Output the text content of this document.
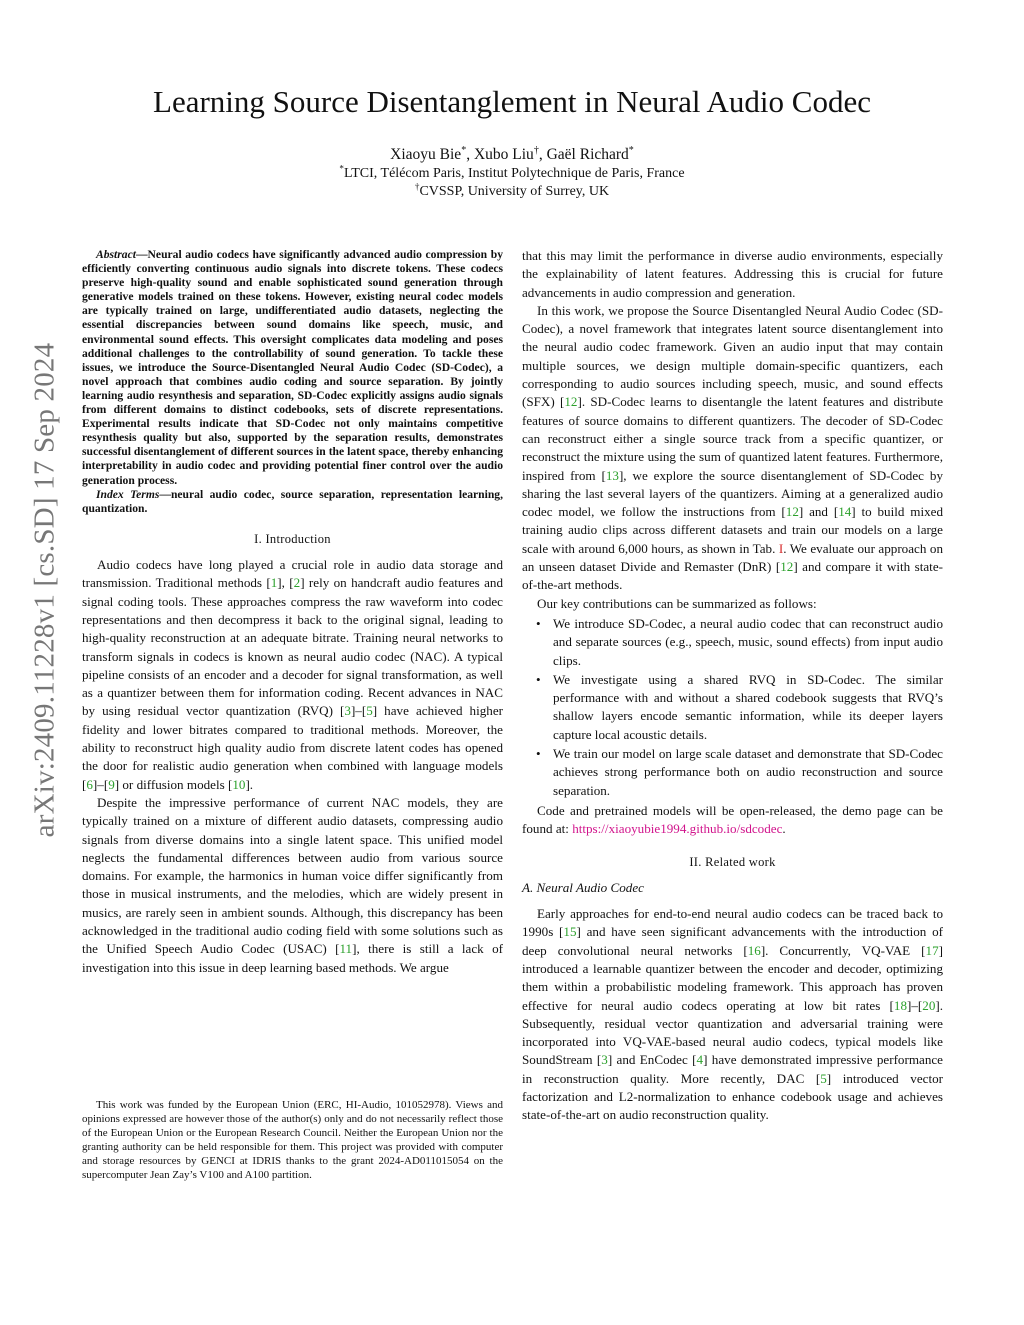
Learning Source Disentanglement in Neural Audio Codec
Xiaoyu Bie*, Xubo Liu†, Gaël Richard*
*LTCI, Télécom Paris, Institut Polytechnique de Paris, France
†CVSSP, University of Surrey, UK
arXiv:2409.11228v1 [cs.SD] 17 Sep 2024

Abstract—Neural audio codecs have significantly advanced audio compression by efficiently converting continuous audio signals into discrete tokens. These codecs preserve high-quality sound and enable sophisticated sound generation through generative models trained on these tokens. However, existing neural codec models are typically trained on large, undifferentiated audio datasets, neglecting the essential discrepancies between sound domains like speech, music, and environmental sound effects. This oversight complicates data modeling and poses additional challenges to the controllability of sound generation. To tackle these issues, we introduce the Source-Disentangled Neural Audio Codec (SD-Codec), a novel approach that combines audio coding and source separation. By jointly learning audio resynthesis and separation, SD-Codec explicitly assigns audio signals from different domains to distinct codebooks, sets of discrete representations. Experimental results indicate that SD-Codec not only maintains competitive resynthesis quality but also, supported by the separation results, demonstrates successful disentanglement of different sources in the latent space, thereby enhancing interpretability in audio codec and providing potential finer control over the audio generation process.

Index Terms—neural audio codec, source separation, representation learning, quantization.

I. Introduction

Audio codecs have long played a crucial role in audio data storage and transmission. Traditional methods [1], [2] rely on handcraft audio features and signal coding tools. These approaches compress the raw waveform into codec representations and then decompress it back to the original signal, leading to high-quality reconstruction at an adequate bitrate. Training neural networks to transform signals in codecs is known as neural audio codec (NAC). A typical pipeline consists of an encoder and a decoder for signal transformation, as well as a quantizer between them for information coding. Recent advances in NAC by using residual vector quantization (RVQ) [3]–[5] have achieved higher fidelity and lower bitrates compared to traditional methods. Moreover, the ability to reconstruct high quality audio from discrete latent codes has opened the door for realistic audio generation when combined with language models [6]–[9] or diffusion models [10].

Despite the impressive performance of current NAC models, they are typically trained on a mixture of different audio datasets, compressing audio signals from diverse domains into a single latent space. This unified model neglects the fundamental differences between audio from various source domains. For example, the harmonics in human voice differ significantly from those in musical instruments, and the melodies, which are widely present in musics, are rarely seen in ambient sounds. Although, this discrepancy has been acknowledged in the traditional audio coding field with some solutions such as the Unified Speech Audio Codec (USAC) [11], there is still a lack of investigation into this issue in deep learning based methods. We argue

This work was funded by the European Union (ERC, HI-Audio, 101052978). Views and opinions expressed are however those of the author(s) only and do not necessarily reflect those of the European Union or the European Research Council. Neither the European Union nor the granting authority can be held responsible for them. This project was provided with computer and storage resources by GENCI at IDRIS thanks to the grant 2024-AD011015054 on the supercomputer Jean Zay’s V100 and A100 partition.

that this may limit the performance in diverse audio environments, especially the explainability of latent features. Addressing this is crucial for future advancements in audio compression and generation.

In this work, we propose the Source Disentangled Neural Audio Codec (SD-Codec), a novel framework that integrates latent source disentanglement into the neural audio codec framework. Given an audio input that may contain multiple sources, we design multiple domain-specific quantizers, each corresponding to audio sources including speech, music, and sound effects (SFX) [12]. SD-Codec learns to disentangle the latent features and distribute features of source domains to different quantizers. The decoder of SD-Codec can reconstruct either a single source track from a specific quantizer, or reconstruct the mixture using the sum of quantized latent features. Furthermore, inspired from [13], we explore the source disentanglement of SD-Codec by sharing the last several layers of the quantizers. Aiming at a generalized audio codec model, we follow the instructions from [12] and [14] to build mixed training audio clips across different datasets and train our models on a large scale with around 6,000 hours, as shown in Tab. I. We evaluate our approach on an unseen dataset Divide and Remaster (DnR) [12] and compare it with state-of-the-art methods.

Our key contributions can be summarized as follows:

• We introduce SD-Codec, a neural audio codec that can reconstruct audio and separate sources (e.g., speech, music, sound effects) from input audio clips.
• We investigate using a shared RVQ in SD-Codec. The similar performance with and without a shared codebook suggests that RVQ’s shallow layers encode semantic information, while its deeper layers capture local acoustic details.
• We train our model on large scale dataset and demonstrate that SD-Codec achieves strong performance both on audio reconstruction and source separation.

Code and pretrained models will be open-released, the demo page can be found at: https://xiaoyubie1994.github.io/sdcodec.

II. Related work
A. Neural Audio Codec

Early approaches for end-to-end neural audio codecs can be traced back to 1990s [15] and have seen significant advancements with the introduction of deep convolutional neural networks [16]. Concurrently, VQ-VAE [17] introduced a learnable quantizer between the encoder and decoder, optimizing them within a probabilistic modeling framework. This approach has proven effective for neural audio codecs operating at low bit rates [18]–[20]. Subsequently, residual vector quantization and adversarial training were incorporated into VQ-VAE-based neural audio codecs, typical models like SoundStream [3] and EnCodec [4] have demonstrated impressive performance in reconstruction quality. More recently, DAC [5] introduced vector factorization and L2-normalization to enhance codebook usage and achieves state-of-the-art on audio reconstruction quality.
